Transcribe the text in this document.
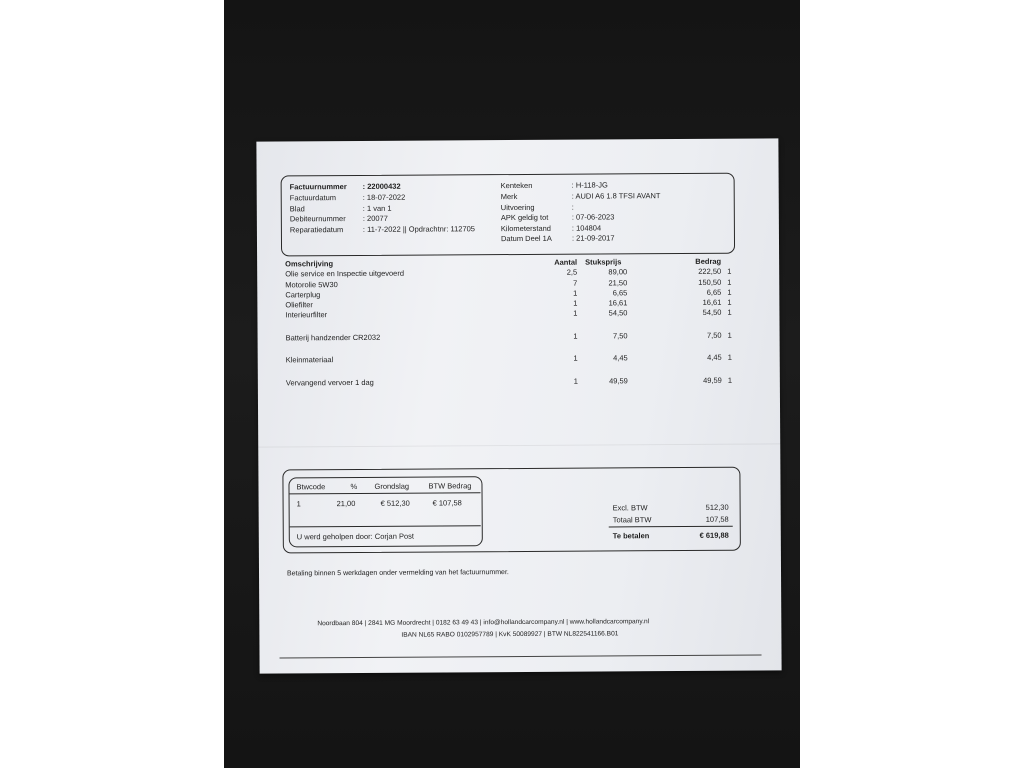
Factuurnummer : 22000432
Factuurdatum	: 18-07-2022
Blad	: 1 van 1
Debiteurnummer : 20077
Reparatiedatum	: 11-7-2022 || Opdrachtnr: 112705
Kenteken	: H-118-JG
Merk	: AUDI A6 1.8 TFSI AVANT
Uitvoering	:
APK geldig tot	: 07-06-2023
Kilometerstand	: 104804
Datum Deel 1A	: 21-09-2017
Omschrijving	Aantal Stuksprijs	Bedrag
Olie service en Inspectie uitgevoerd	2,5	89,00	222,50 1
Motorolie 5W30	7	21,50	150,50 1
Carterplug	1	6,65	6,65 1
Oliefilter	1	16,61	16,61 1
Interieurfilter	1	54,50	54,50 1
Batterij handzender CR2032	1	7,50	7,50 1
Kleinmateriaal	1	4,45	4,45 1
Vervangend vervoer 1 dag	1	49,59	49,59 1
Btwcode	% Grondslag	BTW Bedrag
1	21,00	€ 512,30	€ 107,58
U werd geholpen door: Corjan Post
Excl. BTW	512,30
Totaal BTW	107,58
Te betalen	€ 619,88
Betaling binnen 5 werkdagen onder vermelding van het factuurnummer.
Noordbaan 804 | 2841 MG Moordrecht | 0182 63 49 43 | info@hollandcarcompany.nl | www.hollandcarcompany.nl
IBAN NL65 RABO 0102957789 | KvK 50089927 | BTW NL822541166.B01
